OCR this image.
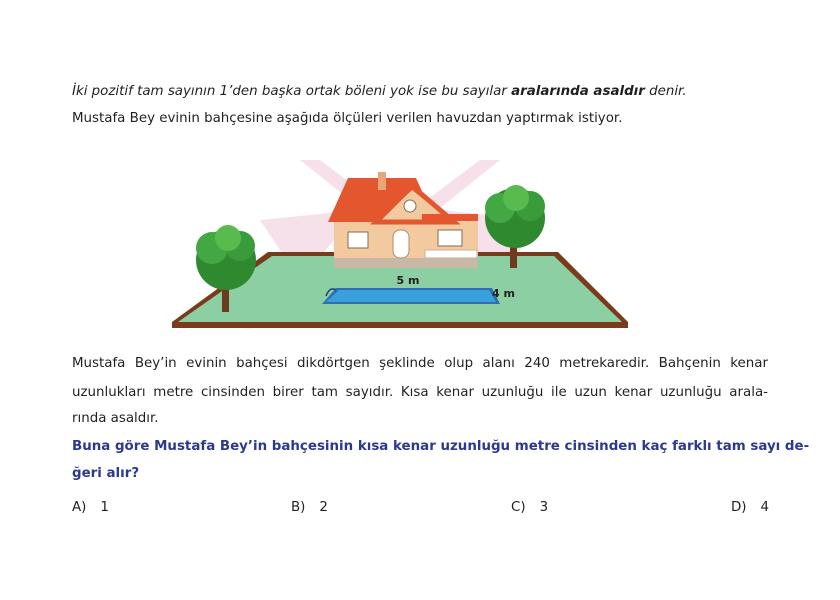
İki pozitif tam sayının 1’den başka ortak böleni yok ise bu sayılar aralarında asaldır denir.
Mustafa Bey evinin bahçesine aşağıda ölçüleri verilen havuzdan yaptırmak istiyor.
5 m
4 m
Mustafa Bey’in evinin bahçesi dikdörtgen şeklinde olup alanı 240 metrekaredir. Bahçenin kenar
uzunlukları metre cinsinden birer tam sayıdır. Kısa kenar uzunluğu ile uzun kenar uzunluğu arala-
rında asaldır.
Buna göre Mustafa Bey’in bahçesinin kısa kenar uzunluğu metre cinsinden kaç farklı tam sayı de-
ğeri alır?
A) 1	B) 2	C) 3	D) 4
